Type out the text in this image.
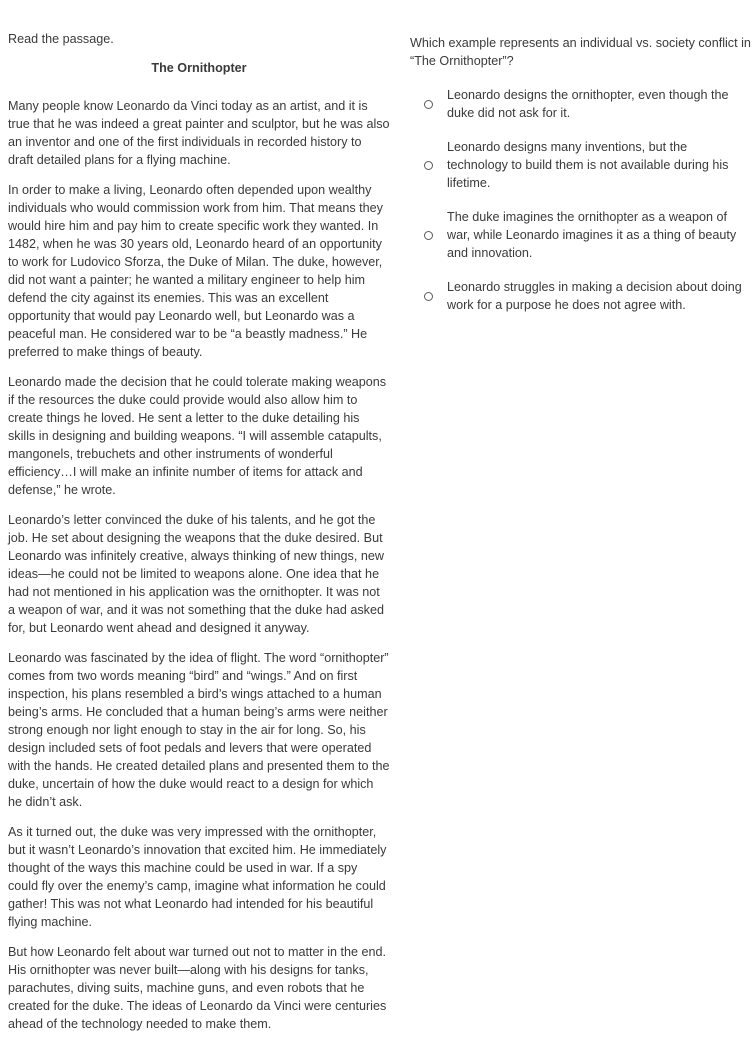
Read the passage.

The Ornithopter

Many people know Leonardo da Vinci today as an artist, and it is true that he was indeed a great painter and sculptor, but he was also an inventor and one of the first individuals in recorded history to draft detailed plans for a flying machine.

In order to make a living, Leonardo often depended upon wealthy individuals who would commission work from him. That means they would hire him and pay him to create specific work they wanted. In 1482, when he was 30 years old, Leonardo heard of an opportunity to work for Ludovico Sforza, the Duke of Milan. The duke, however, did not want a painter; he wanted a military engineer to help him defend the city against its enemies. This was an excellent opportunity that would pay Leonardo well, but Leonardo was a peaceful man. He considered war to be “a beastly madness.” He preferred to make things of beauty.

Leonardo made the decision that he could tolerate making weapons if the resources the duke could provide would also allow him to create things he loved. He sent a letter to the duke detailing his skills in designing and building weapons. “I will assemble catapults, mangonels, trebuchets and other instruments of wonderful efficiency…I will make an infinite number of items for attack and defense,” he wrote.

Leonardo’s letter convinced the duke of his talents, and he got the job. He set about designing the weapons that the duke desired. But Leonardo was infinitely creative, always thinking of new things, new ideas—he could not be limited to weapons alone. One idea that he had not mentioned in his application was the ornithopter. It was not a weapon of war, and it was not something that the duke had asked for, but Leonardo went ahead and designed it anyway.

Leonardo was fascinated by the idea of flight. The word “ornithopter” comes from two words meaning “bird” and “wings.” And on first inspection, his plans resembled a bird’s wings attached to a human being’s arms. He concluded that a human being’s arms were neither strong enough nor light enough to stay in the air for long. So, his design included sets of foot pedals and levers that were operated with the hands. He created detailed plans and presented them to the duke, uncertain of how the duke would react to a design for which he didn’t ask.

As it turned out, the duke was very impressed with the ornithopter, but it wasn’t Leonardo’s innovation that excited him. He immediately thought of the ways this machine could be used in war. If a spy could fly over the enemy’s camp, imagine what information he could gather! This was not what Leonardo had intended for his beautiful flying machine.

But how Leonardo felt about war turned out not to matter in the end. His ornithopter was never built—along with his designs for tanks, parachutes, diving suits, machine guns, and even robots that he created for the duke. The ideas of Leonardo da Vinci were centuries ahead of the technology needed to make them.

Which example represents an individual vs. society conflict in
“The Ornithopter”?

Leonardo designs the ornithopter, even though the
duke did not ask for it.
Leonardo designs many inventions, but the
technology to build them is not available during his
lifetime.
The duke imagines the ornithopter as a weapon of
war, while Leonardo imagines it as a thing of beauty
and innovation.
Leonardo struggles in making a decision about doing
work for a purpose he does not agree with.
